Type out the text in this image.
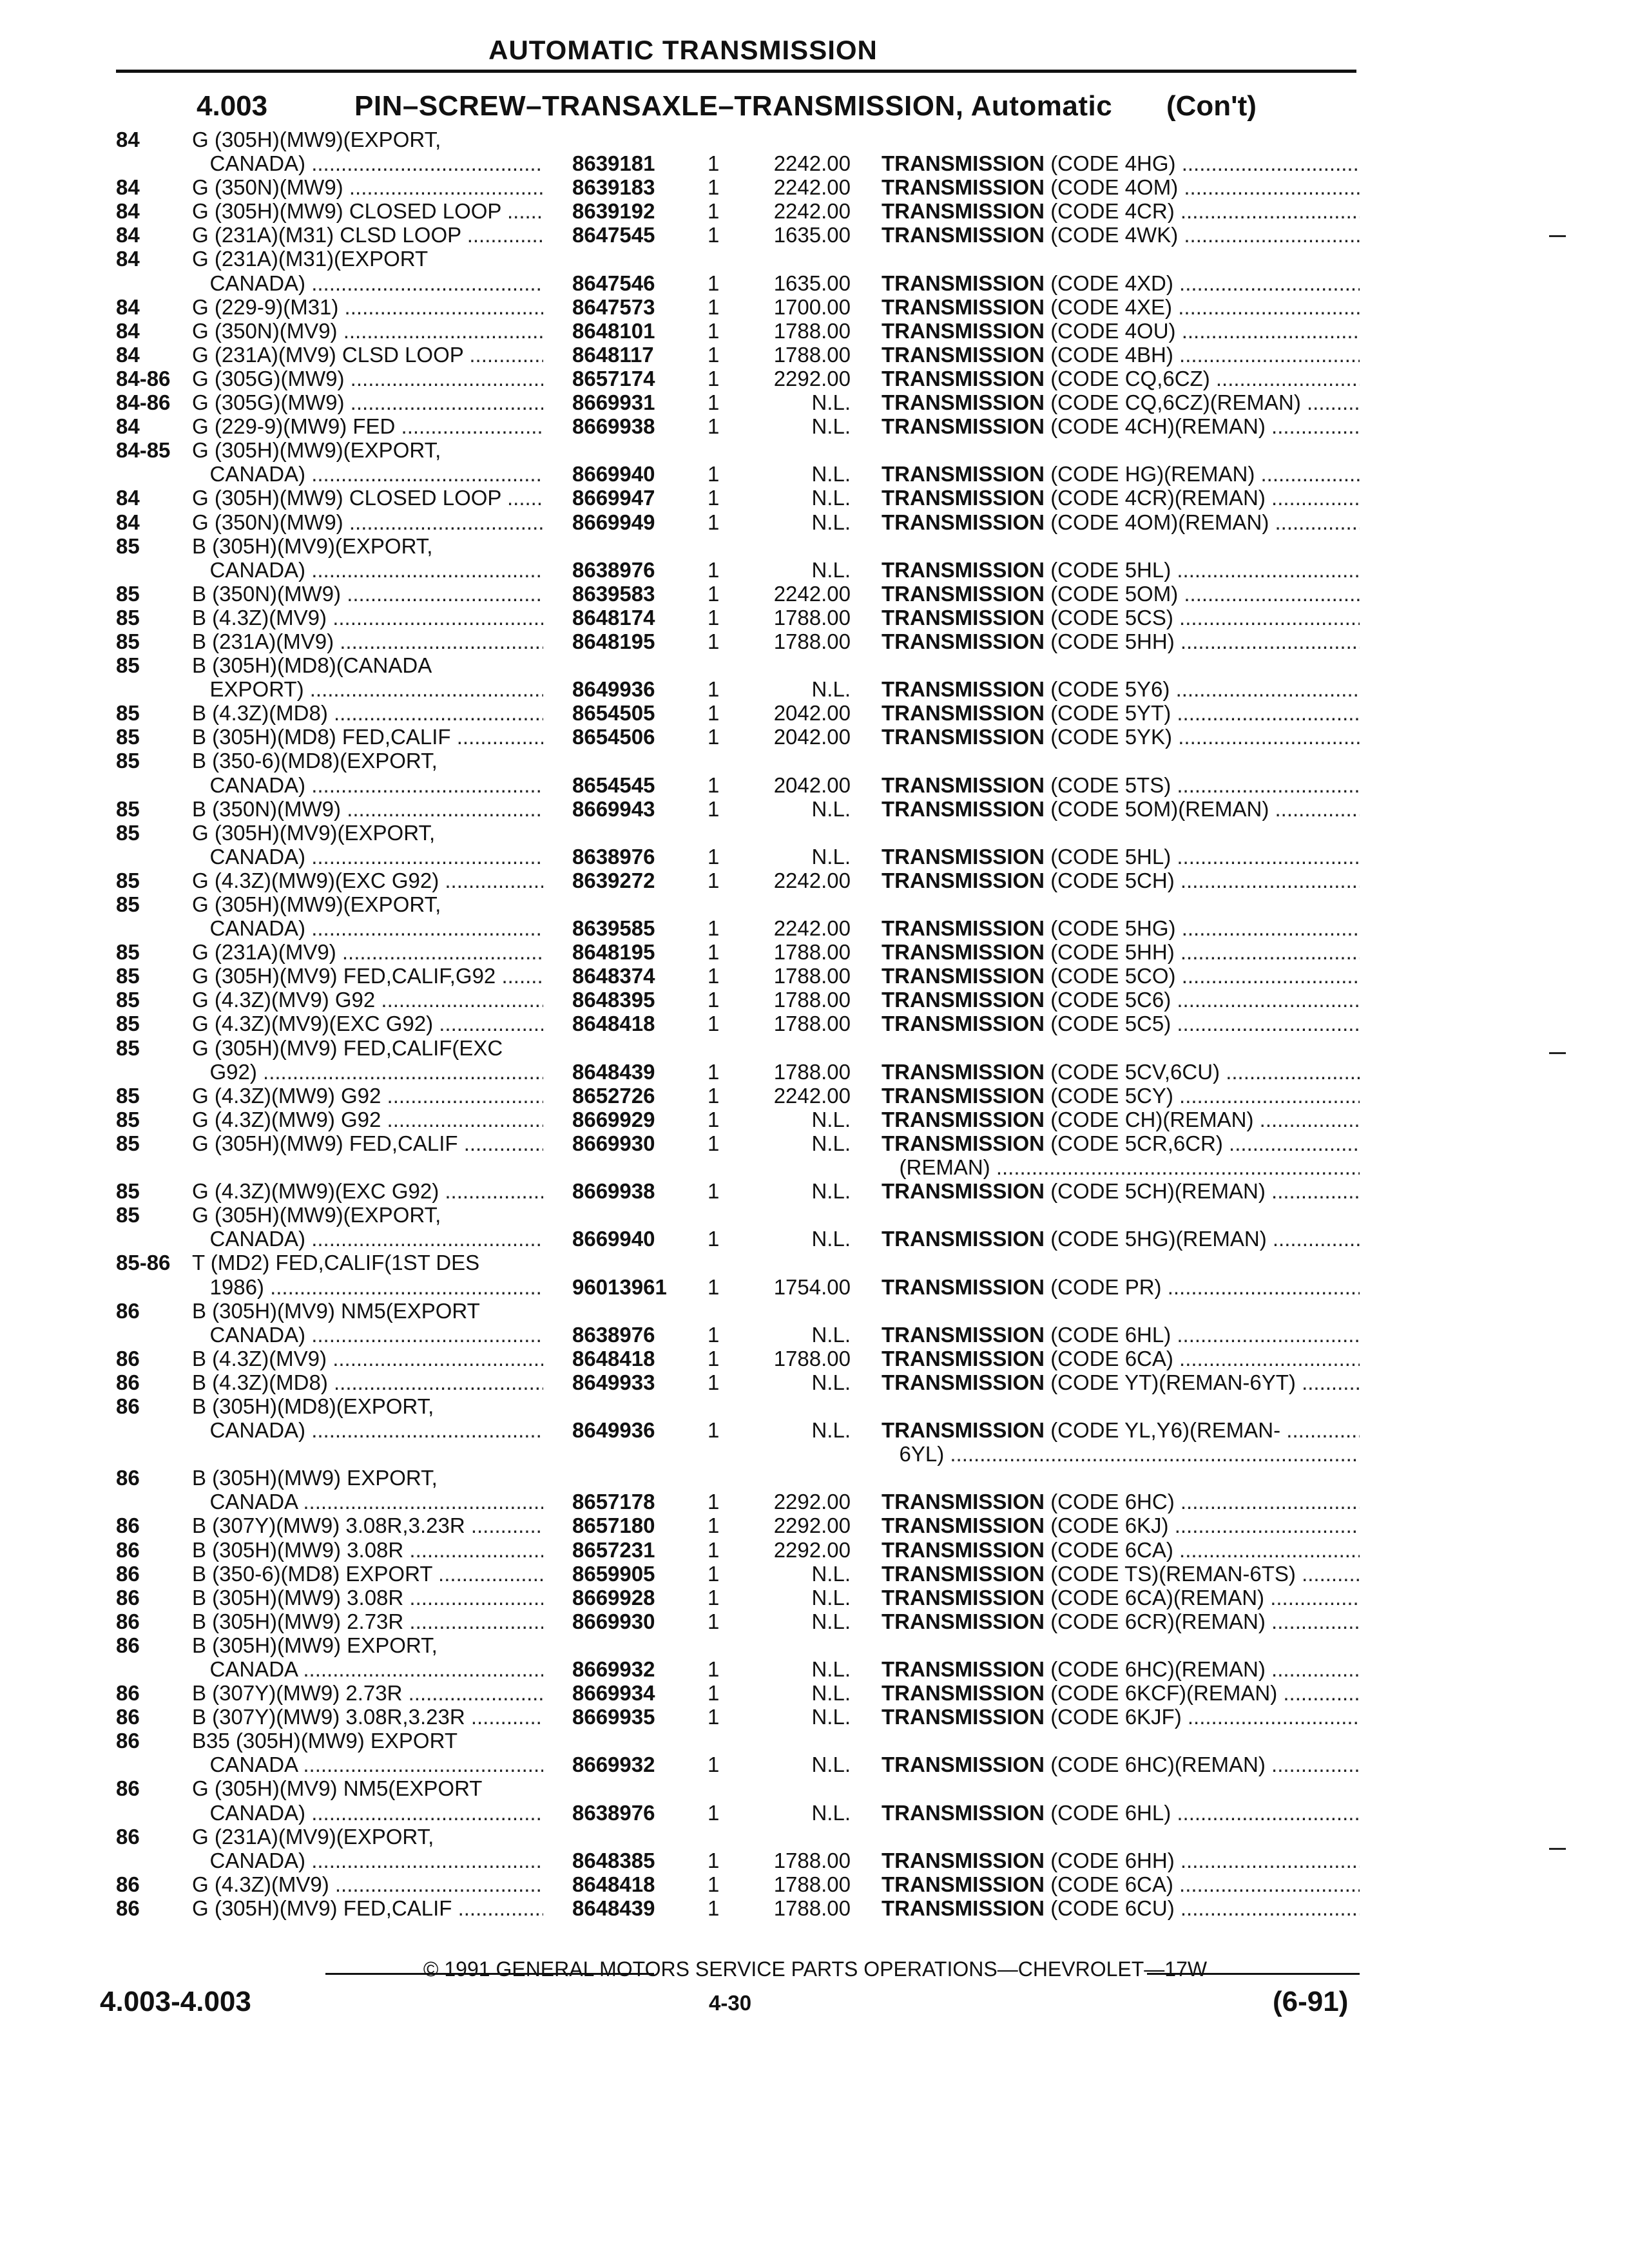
AUTOMATIC TRANSMISSION
4.003	PIN–SCREW–TRANSAXLE–TRANSMISSION, Automatic (Con't)
84 G (305H)(MW9)(EXPORT,
CANADA) .....	8639181 1	2242.00 TRANSMISSION (CODE 4HG) .....
84 G (350N)(MW9) .....	8639183 1	2242.00 TRANSMISSION (CODE 4OM) .....
84 G (305H)(MW9) CLOSED LOOP .....	8639192 1	2242.00 TRANSMISSION (CODE 4CR) .....
84 G (231A)(M31) CLSD LOOP .....	8647545 1	1635.00 TRANSMISSION (CODE 4WK) .....
84 G (231A)(M31)(EXPORT
CANADA) .....	8647546 1	1635.00 TRANSMISSION (CODE 4XD) .....
84 G (229-9)(M31) .....	8647573 1	1700.00 TRANSMISSION (CODE 4XE) .....
84 G (350N)(MV9) .....	8648101 1	1788.00 TRANSMISSION (CODE 4OU) .....
84 G (231A)(MV9) CLSD LOOP .....	8648117	1	1788.00 TRANSMISSION (CODE 4BH) .....
84-86 G (305G)(MW9) .....	8657174 1	2292.00 TRANSMISSION (CODE CQ,6CZ) .....
84-86 G (305G)(MW9) .....	8669931 1	N.L. TRANSMISSION (CODE CQ,6CZ)(REMAN) .....
84 G (229-9)(MW9) FED .....	8669938 1	N.L. TRANSMISSION (CODE 4CH)(REMAN) .....
84-85 G (305H)(MW9)(EXPORT,
CANADA) .....	8669940 1	N.L. TRANSMISSION (CODE HG)(REMAN) .....
84 G (305H)(MW9) CLOSED LOOP .....	8669947 1	N.L. TRANSMISSION (CODE 4CR)(REMAN) .....
84 G (350N)(MW9) .....	8669949 1	N.L. TRANSMISSION (CODE 4OM)(REMAN) .....
85 B (305H)(MV9)(EXPORT,
CANADA) .....	8638976 1	N.L. TRANSMISSION (CODE 5HL) .....
85 B (350N)(MW9) .....	8639583 1	2242.00 TRANSMISSION (CODE 5OM) .....
85 B (4.3Z)(MV9) .....	8648174 1	1788.00 TRANSMISSION (CODE 5CS) .....
85 B (231A)(MV9) .....	8648195 1	1788.00 TRANSMISSION (CODE 5HH) .....
85 B (305H)(MD8)(CANADA
EXPORT) .....	8649936 1	N.L. TRANSMISSION (CODE 5Y6) .....
85 B (4.3Z)(MD8) .....	8654505 1	2042.00 TRANSMISSION (CODE 5YT) .....
85 B (305H)(MD8) FED,CALIF .....	8654506 1	2042.00 TRANSMISSION (CODE 5YK) .....
85 B (350-6)(MD8)(EXPORT,
CANADA) .....	8654545 1	2042.00 TRANSMISSION (CODE 5TS) .....
85 B (350N)(MW9) .....	8669943 1	N.L. TRANSMISSION (CODE 5OM)(REMAN) .....
85 G (305H)(MV9)(EXPORT,
CANADA) .....	8638976 1	N.L. TRANSMISSION (CODE 5HL) .....
85 G (4.3Z)(MW9)(EXC G92) .....	8639272 1	2242.00 TRANSMISSION (CODE 5CH) .....
85 G (305H)(MW9)(EXPORT,
CANADA) .....	8639585 1	2242.00 TRANSMISSION (CODE 5HG) .....
85 G (231A)(MV9) .....	8648195 1	1788.00 TRANSMISSION (CODE 5HH) .....
85 G (305H)(MV9) FED,CALIF,G92 .....	8648374 1	1788.00 TRANSMISSION (CODE 5CO) .....
85 G (4.3Z)(MV9) G92 .....	8648395 1	1788.00 TRANSMISSION (CODE 5C6) .....
85 G (4.3Z)(MV9)(EXC G92) .....	8648418 1	1788.00 TRANSMISSION (CODE 5C5) .....
85 G (305H)(MV9) FED,CALIF(EXC
G92) .....	8648439 1	1788.00 TRANSMISSION (CODE 5CV,6CU) .....
85 G (4.3Z)(MW9) G92 .....	8652726 1	2242.00 TRANSMISSION (CODE 5CY) .....
85 G (4.3Z)(MW9) G92 .....	8669929 1	N.L. TRANSMISSION (CODE CH)(REMAN) .....
85 G (305H)(MW9) FED,CALIF .....	8669930 1	N.L. TRANSMISSION (CODE 5CR,6CR) .....
(REMAN) .....
85 G (4.3Z)(MW9)(EXC G92) .....	8669938 1	N.L. TRANSMISSION (CODE 5CH)(REMAN) .....
85 G (305H)(MW9)(EXPORT,
CANADA) .....	8669940 1	N.L. TRANSMISSION (CODE 5HG)(REMAN) .....
85-86 T (MD2) FED,CALIF(1ST DES
1986) .....	96013961 1	1754.00 TRANSMISSION (CODE PR) .....
86 B (305H)(MV9) NM5(EXPORT
CANADA) .....	8638976 1	N.L. TRANSMISSION (CODE 6HL) .....
86 B (4.3Z)(MV9) .....	8648418 1	1788.00 TRANSMISSION (CODE 6CA) .....
86 B (4.3Z)(MD8) .....	8649933 1	N.L. TRANSMISSION (CODE YT)(REMAN-6YT) .....
86 B (305H)(MD8)(EXPORT,
CANADA) .....	8649936 1	N.L. TRANSMISSION (CODE YL,Y6)(REMAN- .....
6YL) .....
86 B (305H)(MW9) EXPORT,
CANADA .....	8657178 1	2292.00 TRANSMISSION (CODE 6HC) .....
86 B (307Y)(MW9) 3.08R,3.23R .....	8657180 1	2292.00 TRANSMISSION (CODE 6KJ) .....
86 B (305H)(MW9) 3.08R .....	8657231 1	2292.00 TRANSMISSION (CODE 6CA) .....
86 B (350-6)(MD8) EXPORT .....	8659905 1	N.L. TRANSMISSION (CODE TS)(REMAN-6TS) .....
86 B (305H)(MW9) 3.08R .....	8669928 1	N.L. TRANSMISSION (CODE 6CA)(REMAN) .....
86 B (305H)(MW9) 2.73R .....	8669930 1	N.L. TRANSMISSION (CODE 6CR)(REMAN) .....
86 B (305H)(MW9) EXPORT,
CANADA .....	8669932 1	N.L. TRANSMISSION (CODE 6HC)(REMAN) .....
86 B (307Y)(MW9) 2.73R .....	8669934 1	N.L. TRANSMISSION (CODE 6KCF)(REMAN) .....
86 B (307Y)(MW9) 3.08R,3.23R .....	8669935 1	N.L. TRANSMISSION (CODE 6KJF) .....
86 B35 (305H)(MW9) EXPORT
CANADA .....	8669932 1	N.L. TRANSMISSION (CODE 6HC)(REMAN) .....
86 G (305H)(MV9) NM5(EXPORT
CANADA) .....	8638976 1	N.L. TRANSMISSION (CODE 6HL) .....
86 G (231A)(MV9)(EXPORT,
CANADA) .....	8648385 1	1788.00 TRANSMISSION (CODE 6HH) .....
86 G (4.3Z)(MV9) .....	8648418 1	1788.00 TRANSMISSION (CODE 6CA) .....
86 G (305H)(MV9) FED,CALIF .....	8648439 1	1788.00 TRANSMISSION (CODE 6CU) .....
© 1991 GENERAL MOTORS SERVICE PARTS OPERATIONS—CHEVROLET—17W
4.003-4.003	4-30	(6-91)
